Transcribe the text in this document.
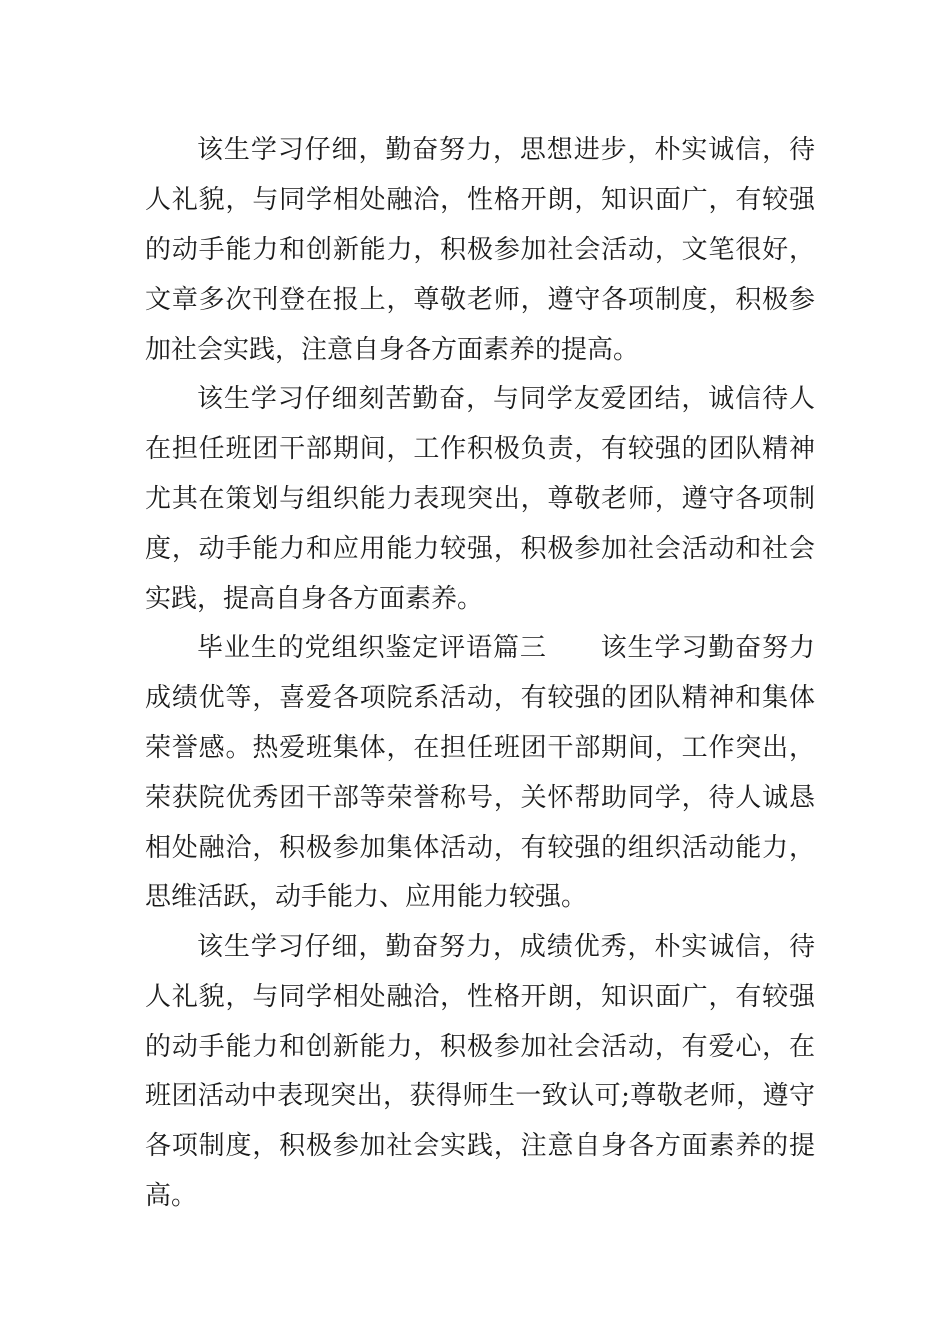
该生学习仔细，勤奋努力，思想进步，朴实诚信，待
人礼貌，与同学相处融洽，性格开朗，知识面广，有较强
的动手能力和创新能力，积极参加社会活动，文笔很好，
文章多次刊登在报上，尊敬老师，遵守各项制度，积极参
加社会实践，注意自身各方面素养的提高。
该生学习仔细刻苦勤奋，与同学友爱团结，诚信待人
在担任班团干部期间，工作积极负责，有较强的团队精神
尤其在策划与组织能力表现突出，尊敬老师，遵守各项制
度，动手能力和应用能力较强，积极参加社会活动和社会
实践，提高自身各方面素养。
毕业生的党组织鉴定评语篇三　　该生学习勤奋努力
成绩优等，喜爱各项院系活动，有较强的团队精神和集体
荣誉感。热爱班集体，在担任班团干部期间，工作突出，
荣获院优秀团干部等荣誉称号，关怀帮助同学，待人诚恳
相处融洽，积极参加集体活动，有较强的组织活动能力，
思维活跃，动手能力、应用能力较强。
该生学习仔细，勤奋努力，成绩优秀，朴实诚信，待
人礼貌，与同学相处融洽，性格开朗，知识面广，有较强
的动手能力和创新能力，积极参加社会活动，有爱心，在
班团活动中表现突出，获得师生一致认可;尊敬老师，遵守
各项制度，积极参加社会实践，注意自身各方面素养的提
高。
